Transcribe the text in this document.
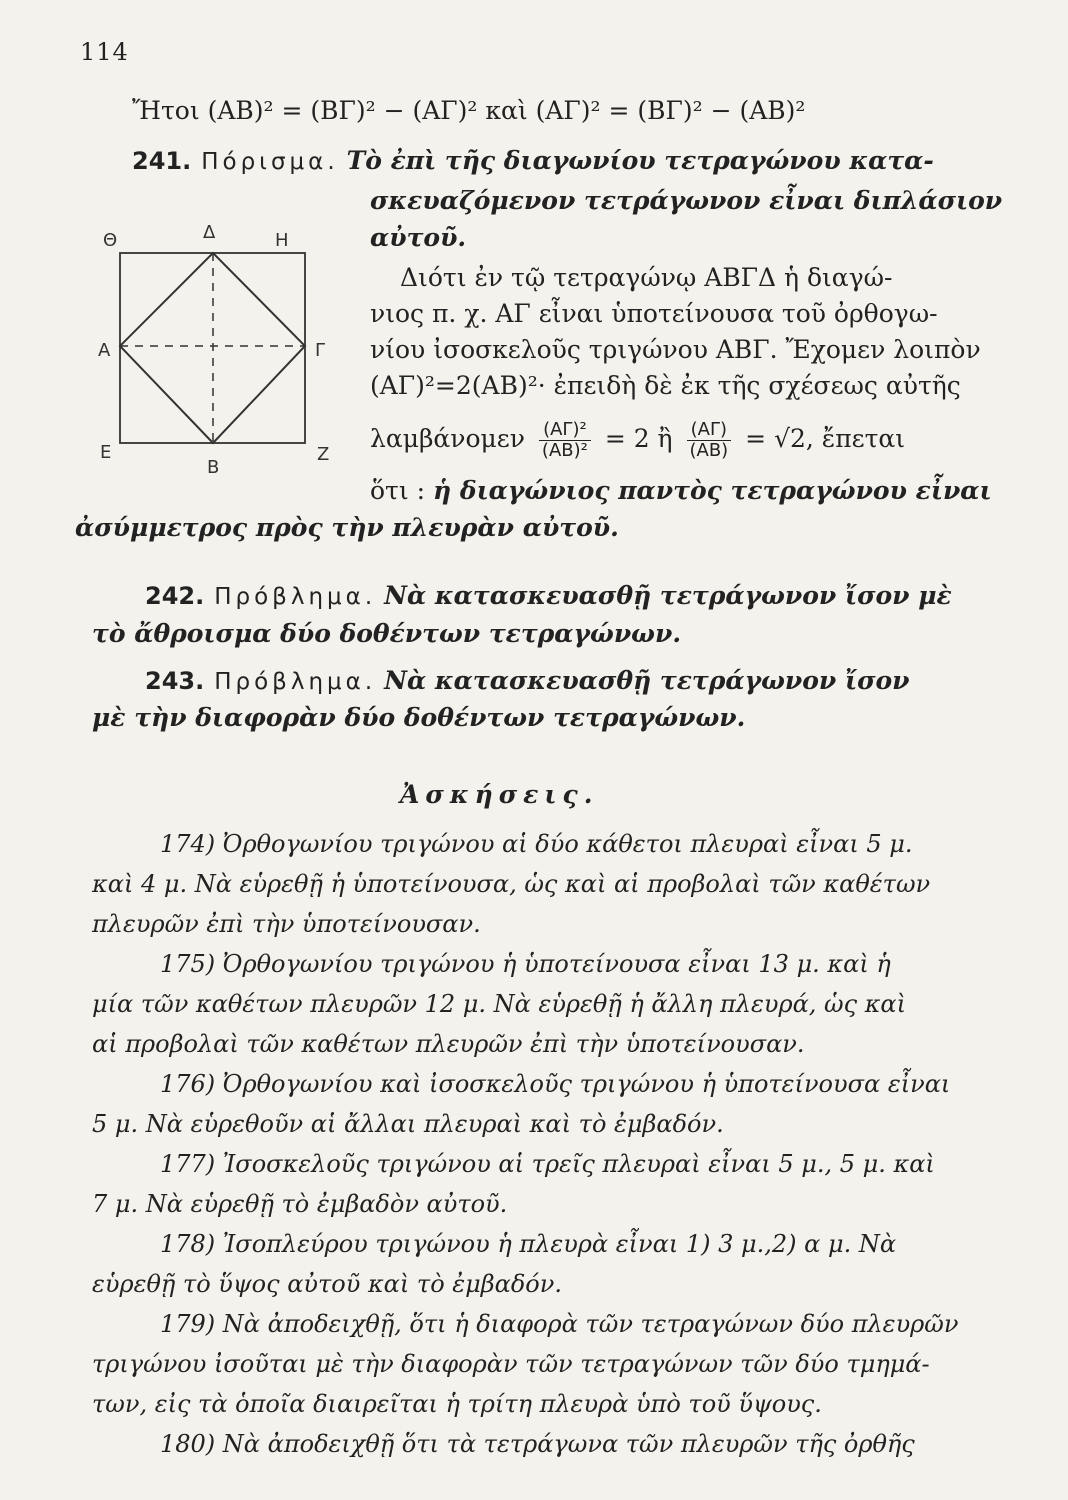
114
Ἤτοι (ΑΒ)² = (ΒΓ)² − (ΑΓ)² καὶ (ΑΓ)² = (ΒΓ)² − (ΑΒ)²
241. Πόρισμα. Τὸ ἐπὶ τῆς διαγωνίου τετραγώνου κατα-
σκευαζόμενον τετράγωνον εἶναι διπλάσιον
αὐτοῦ.
Θ	Δ	Η
Α	Γ
Ε
Β
Ζ
Διότι ἐν τῷ τετραγώνῳ ΑΒΓΔ ἡ διαγώ-
νιος π. χ. ΑΓ εἶναι ὑποτείνουσα τοῦ ὀρθογω-
νίου ἰσοσκελοῦς τριγώνου ΑΒΓ. Ἔχομεν λοιπὸν
(ΑΓ)²=2(ΑΒ)²· ἐπειδὴ δὲ ἐκ τῆς σχέσεως αὐτῆς
λαμβάνομεν $\frac{\text{(ΑΓ)²}}{\text{(ΑΒ)²}} = 2$ ἢ $\frac{(A\Gamma)}{(AB)} = √2$, ἔπεται
ὅτι : ἡ διαγώνιος παντὸς τετραγώνου εἶναι
ἀσύμμετρος πρὸς τὴν πλευρὰν αὐτοῦ.
242. Πρόβλημα. Νὰ κατασκευασθῇ τετράγωνον ἴσον μὲ
τὸ ἄθροισμα δύο δοθέντων τετραγώνων.
243. Πρόβλημα. Νὰ κατασκευασθῇ τετράγωνον ἴσον
μὲ τὴν διαφορὰν δύο δοθέντων τετραγώνων.
Ἀσκήσεις.
174) Ὀρθογωνίου τριγώνου αἱ δύο κάθετοι πλευραὶ εἶναι 5 μ.
καὶ 4 μ. Νὰ εὑρεθῇ ἡ ὑποτείνουσα, ὡς καὶ αἱ προβολαὶ τῶν καθέτων
πλευρῶν ἐπὶ τὴν ὑποτείνουσαν.
175) Ὀρθογωνίου τριγώνου ἡ ὑποτείνουσα εἶναι 13 μ. καὶ ἡ
μία τῶν καθέτων πλευρῶν 12 μ. Νὰ εὑρεθῇ ἡ ἄλλη πλευρά, ὡς καὶ
αἱ προβολαὶ τῶν καθέτων πλευρῶν ἐπὶ τὴν ὑποτείνουσαν.
176) Ὀρθογωνίου καὶ ἰσοσκελοῦς τριγώνου ἡ ὑποτείνουσα εἶναι
5 μ. Νὰ εὑρεθοῦν αἱ ἄλλαι πλευραὶ καὶ τὸ ἐμβαδόν.
177) Ἰσοσκελοῦς τριγώνου αἱ τρεῖς πλευραὶ εἶναι 5 μ., 5 μ. καὶ
7 μ. Νὰ εὑρεθῇ τὸ ἐμβαδὸν αὐτοῦ.
178) Ἰσοπλεύρου τριγώνου ἡ πλευρὰ εἶναι 1) 3 μ.,2) α μ. Νὰ
εὑρεθῇ τὸ ὕψος αὐτοῦ καὶ τὸ ἐμβαδόν.
179) Νὰ ἀποδειχθῇ, ὅτι ἡ διαφορὰ τῶν τετραγώνων δύο πλευρῶν
τριγώνου ἰσοῦται μὲ τὴν διαφορὰν τῶν τετραγώνων τῶν δύο τμημά-
των, εἰς τὰ ὁποῖα διαιρεῖται ἡ τρίτη πλευρὰ ὑπὸ τοῦ ὕψους.
180) Νὰ ἀποδειχθῇ ὅτι τὰ τετράγωνα τῶν πλευρῶν τῆς ὀρθῆς
